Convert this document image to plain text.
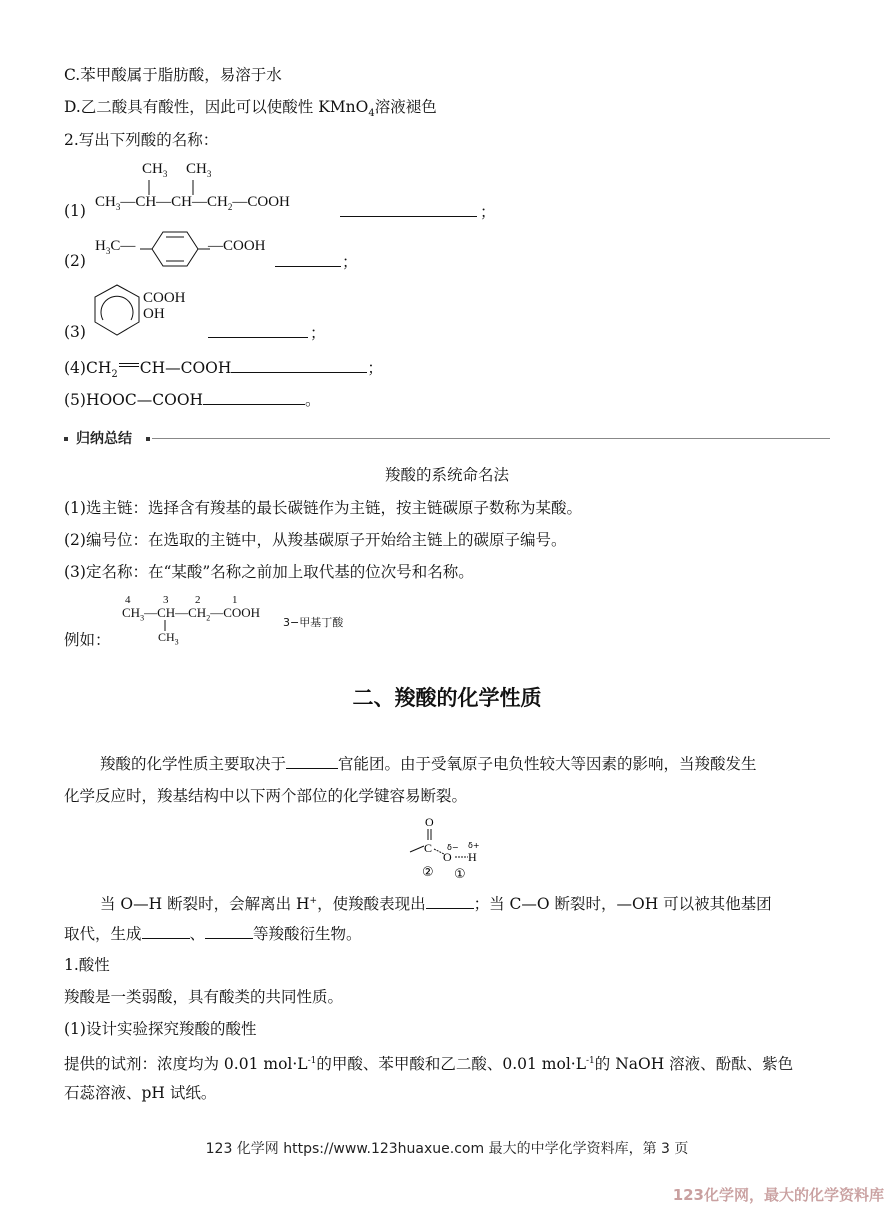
C.苯甲酸属于脂肪酸，易溶于水
D.乙二酸具有酸性，因此可以使酸性 KMnO$_4$溶液褪色
2.写出下列酸的名称：
(1)
$CH_3$ $CH_3$
$CH_3—CH—CH—CH_2—COOH$
；
(2)
$H_3C—$	—COOH
；
(3)
COOH
OH
；
$(4)CH_2$ CH—COOH	；
(5)HOOC—COOH	。
归纳总结
羧酸的系统命名法
(1)选主链：选择含有羧基的最长碳链作为主链，按主链碳原子数称为某酸。
(2)编号位：在选取的主链中，从羧基碳原子开始给主链上的碳原子编号。
(3)定名称：在“某酸”名称之前加上取代基的位次号和名称。
例如：
4	3 2	1
$CH_3—CH—CH_2—COOH$
$CH_3$
3−甲基丁酸
二、羧酸的化学性质
羧酸的化学性质主要取决于	官能团。由于受氧原子电负性较大等因素的影响，当羧酸发生
化学反应时，羧基结构中以下两个部位的化学键容易断裂。
O
C
O
δ−
H
δ+
② ①
当 O—H 断裂时，会解离出 H+，使羧酸表现出	；当 C—O 断裂时，—OH 可以被其他基团
取代，生成	、	等羧酸衍生物。
1.酸性
羧酸是一类弱酸，具有酸类的共同性质。
(1)设计实验探究羧酸的酸性
提供的试剂：浓度均为 0.01 $mol\cdot L^{-1}$的甲酸、苯甲酸和乙二酸、0.01 $mol\cdot L^{-1}$的 NaOH 溶液、酚酞、紫色
石蕊溶液、pH 试纸。
123 化学网 https://www.123huaxue.com 最大的中学化学资料库，第 3 页
123化学网，最大的化学资料库
